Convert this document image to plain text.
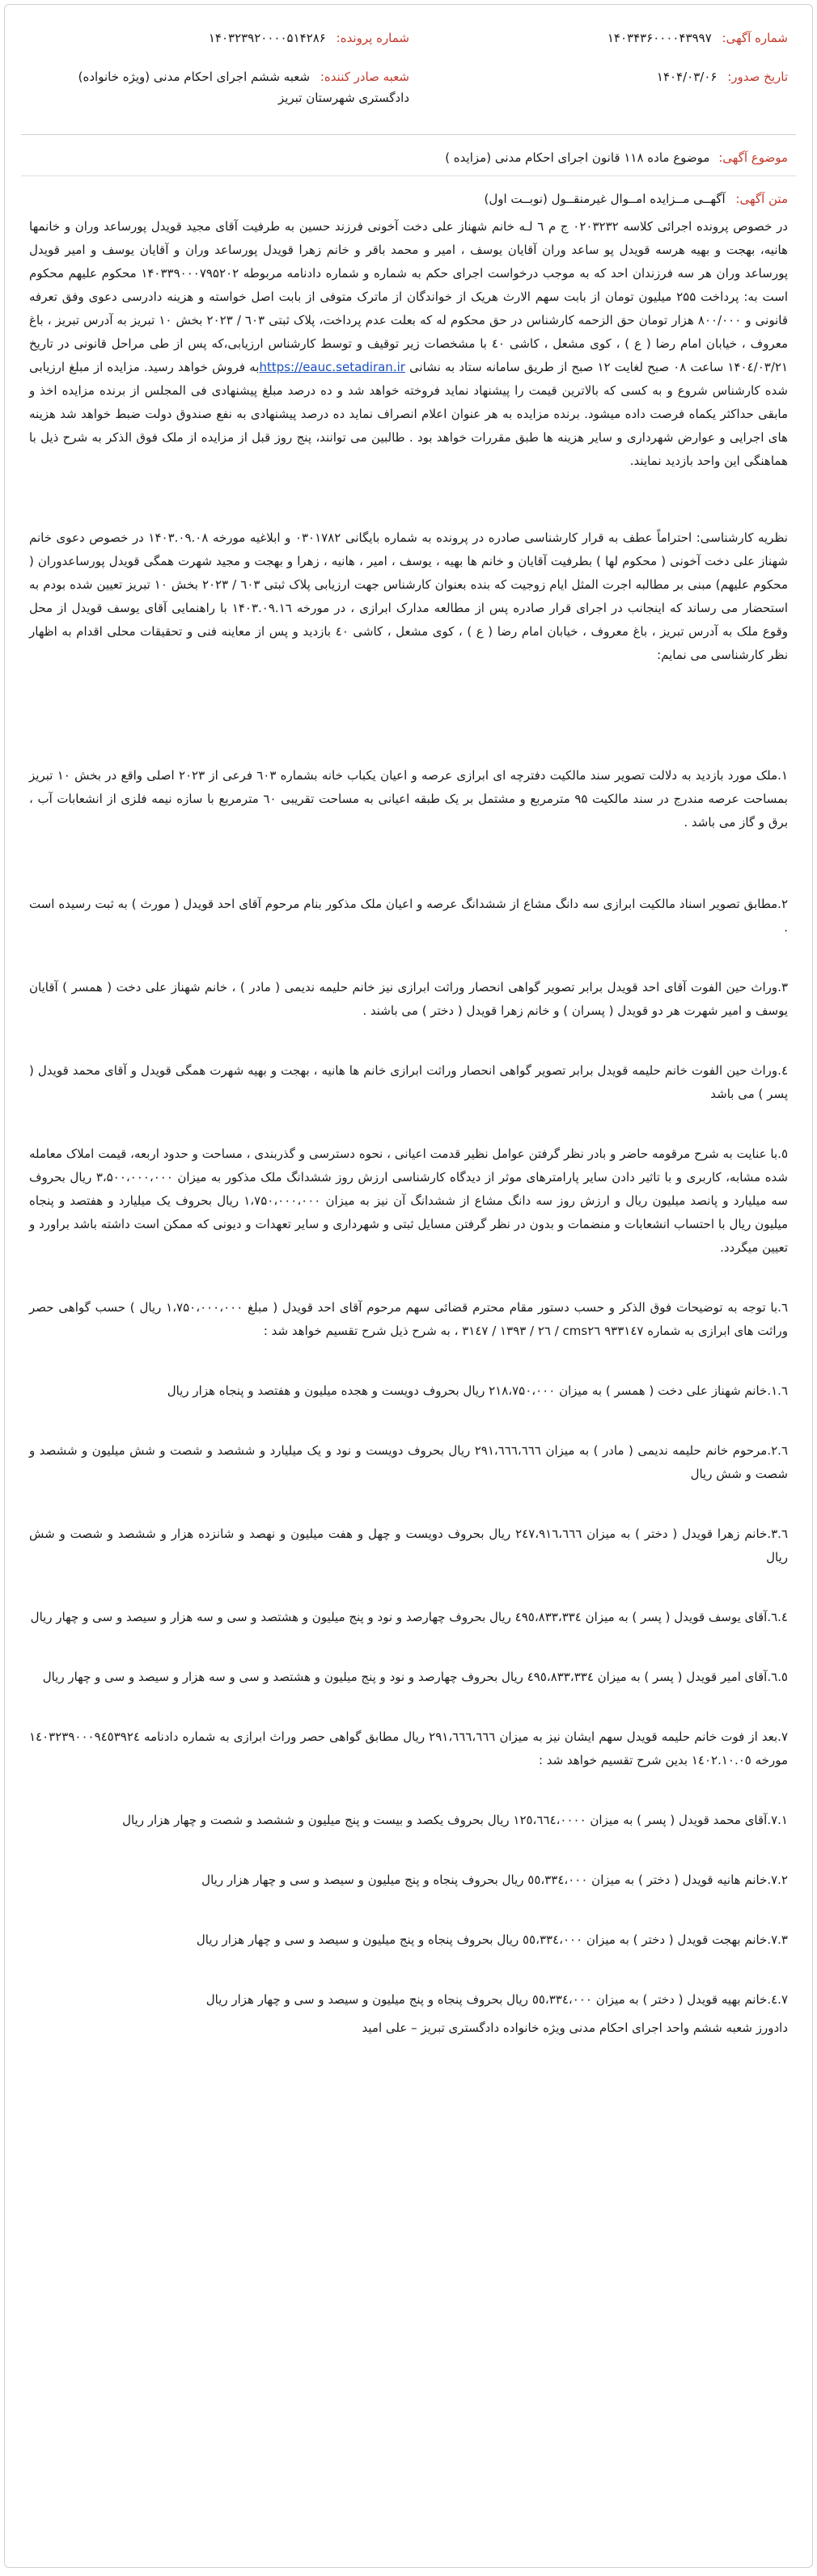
شماره آگهی: ۱۴۰۳۴۳۶۰۰۰۰۴۳۹۹۷
تاریخ صدور: ۱۴۰۴/۰۳/۰۶
شماره پرونده: ۱۴۰۳۲۳۹۲۰۰۰۰۵۱۴۲۸۶
شعبه صادر کننده: شعبه ششم اجرای احکام مدنی (ویژه خانواده) دادگستری شهرستان تبریز
موضوع آگهی: موضوع ماده ۱۱۸ قانون اجرای احکام مدنی (مزایده )
متن آگهی: آگهــی مــزایده امــوال غیرمنقــول (نوبــت اول)

در خصوص پرونده اجرائی کلاسه ۰۲۰۳۲۳۲ ج م ٦ لـه خانم شهناز علی دخت آخونی فرزند حسین به طرفیت آقای مجید قویدل پورساعد وران و خانمها هانیه، بهجت و بهیه هرسه قویدل پو ساعد وران آقایان یوسف ، امیر و محمد باقر و خانم زهرا قویدل پورساعد وران و آقایان یوسف و امیر قویدل پورساعد وران هر سه فرزندان احد که به موجب درخواست اجرای حکم به شماره و شماره دادنامه مربوطه ۱۴۰۳۳۹۰۰۰۷۹۵۲۰۲ محکوم علیهم محکوم است به: پرداخت ۲۵۵ میلیون تومان از بابت سهم الارث هریک از خواندگان از ماترک متوفی از بابت اصل خواسته و هزینه دادرسی دعوی وفق تعرفه قانونی و ۸۰۰/۰۰۰ هزار تومان حق الزحمه کارشناس در حق محکوم له که بعلت عدم پرداخت، پلاک ثبتی ٦۰۳ / ۲۰۲۳ بخش ۱۰ تبریز به آدرس تبریز ، باغ معروف ، خیابان امام رضا ( ع ) ، کوی مشعل ، کاشی ٤۰ با مشخصات زیر توقیف و توسط کارشناس ارزیابی،که پس از طی مراحل قانونی در تاریخ ۱۴۰٤/۰۳/۲۱ ساعت ۰۸ صبح لغایت ۱۲ صبح از طریق سامانه ستاد به نشانی https://eauc.setadiran.irبه فروش خواهد رسید. مزایده از مبلغ ارزیابی شده کارشناس شروع و به کسی که بالاترین قیمت را پیشنهاد نماید فروخته خواهد شد و ده درصد مبلغ پیشنهادی فی المجلس از برنده مزایده اخذ و مابقی حداکثر یکماه فرصت داده میشود. برنده مزایده به هر عنوان اعلام انصراف نماید ده درصد پیشنهادی به نفع صندوق دولت ضبط خواهد شد هزینه های اجرایی و عوارض شهرداری و سایر هزینه ها طبق مقررات خواهد بود . طالبین می توانند، پنج روز قبل از مزایده از ملک فوق الذکر به شرح ذیل با هماهنگی این واحد بازدید نمایند.

نظریه کارشناسی: احتراماً عطف به قرار کارشناسی صادره در پرونده به شماره بایگانی ۰۳۰۱۷۸۲ و ابلاغیه مورخه ۱۴۰۳.۰۹.۰۸ در خصوص دعوی خانم شهناز علی دخت آخونی ( محکوم لها ) بطرفیت آقایان و خانم ها بهیه ، یوسف ، امیر ، هانیه ، زهرا و بهجت و مجید شهرت همگی قویدل پورساعدوران ( محکوم علیهم) مبنی بر مطالبه اجرت المثل ایام زوجیت که بنده بعنوان کارشناس جهت ارزیابی پلاک ثبتی ٦۰۳ / ۲۰۲۳ بخش ۱۰ تبریز تعیین شده بودم به استحضار می رساند که اینجانب در اجرای قرار صادره پس از مطالعه مدارک ابرازی ، در مورخه ۱۴۰۳.۰۹.۱٦ با راهنمایی آقای یوسف قویدل از محل وقوع ملک به آدرس تبریز ، باغ معروف ، خیابان امام رضا ( ع ) ، کوی مشعل ، کاشی ٤۰ بازدید و پس از معاینه فنی و تحقیقات محلی اقدام به اظهار نظر کارشناسی می نمایم:

۱.ملک مورد بازدید به دلالت تصویر سند مالکیت دفترچه ای ابرازی عرصه و اعیان یکباب خانه بشماره ٦۰۳ فرعی از ۲۰۲۳ اصلی واقع در بخش ۱۰ تبریز بمساحت عرصه مندرج در سند مالکیت ۹۵ مترمربع و مشتمل بر یک طبقه اعیانی به مساحت تقریبی ٦۰ مترمربع با سازه نیمه فلزی از انشعابات آب ، برق و گاز می باشد .

۲.مطابق تصویر اسناد مالکیت ابرازی سه دانگ مشاع از ششدانگ عرصه و اعیان ملک مذکور بنام مرحوم آقای احد قویدل ( مورث ) به ثبت رسیده است .

۳.وراث حین الفوت آقای احد قویدل برابر تصویر گواهی انحصار وراثت ابرازی نیز خانم حلیمه ندیمی ( مادر ) ، خانم شهناز علی دخت ( همسر ) آقایان یوسف و امیر شهرت هر دو قویدل ( پسران ) و خانم زهرا قویدل ( دختر ) می باشند .

٤.وراث حین الفوت خانم حلیمه قویدل برابر تصویر گواهی انحصار وراثت ابرازی خانم ها هانیه ، بهجت و بهیه شهرت همگی قویدل و آقای محمد قویدل ( پسر ) می باشد

٥.با عنایت به شرح مرقومه حاضر و بادر نظر گرفتن عوامل نظیر قدمت اعیانی ، نحوه دسترسی و گذربندی ، مساحت و حدود اربعه، قیمت املاک معامله شده مشابه، کاربری و با تاثیر دادن سایر پارامترهای موثر از دیدگاه کارشناسی ارزش روز ششدانگ ملک مذکور به میزان ۳،۵۰۰،۰۰۰،۰۰۰ ریال بحروف سه میلیارد و پانصد میلیون ریال و ارزش روز سه دانگ مشاع از ششدانگ آن نیز به میزان ۱،۷۵۰،۰۰۰،۰۰۰ ریال بحروف یک میلیارد و هفتصد و پنجاه میلیون ریال با احتساب انشعابات و منضمات و بدون در نظر گرفتن مسایل ثبتی و شهرداری و سایر تعهدات و دیونی که ممکن است داشته باشد براورد و تعیین میگردد.

٦.با توجه به توضیحات فوق الذکر و حسب دستور مقام محترم قضائی سهم مرحوم آقای احد قویدل ( مبلغ ۱،۷۵۰،۰۰۰،۰۰۰ ریال ) حسب گواهی حصر وراثت های ابرازی به شماره ۹۳۳۱٤۷ cms٢٦ / ۳۱٤۷ / ۱۳۹۳ / ۲٦ ، به شرح ذیل شرح تقسیم خواهد شد :

٦.۱.خانم شهناز علی دخت ( همسر ) به میزان ۲۱۸،۷۵۰،۰۰۰ ریال بحروف دویست و هجده میلیون و هفتصد و پنجاه هزار ریال

٦.۲.مرحوم خانم حلیمه ندیمی ( مادر ) به میزان ۲۹۱،٦٦٦،٦٦٦ ریال بحروف دویست و نود و یک میلیارد و ششصد و شصت و شش میلیون و ششصد و شصت و شش ریال

٦.۳.خانم زهرا قویدل ( دختر ) به میزان ۲٤۷،۹۱٦،٦٦٦ ریال بحروف دویست و چهل و هفت میلیون و نهصد و شانزده هزار و ششصد و شصت و شش ریال

٦.٤.آقای یوسف قویدل ( پسر ) به میزان ٤۹٥،۸۳۳،۳۳٤ ریال بحروف چهارصد و نود و پنج میلیون و هشتصد و سی و سه هزار و سیصد و سی و چهار ریال

٦.٥.آقای امیر قویدل ( پسر ) به میزان ٤۹٥،۸۳۳،۳۳٤ ریال بحروف چهارصد و نود و پنج میلیون و هشتصد و سی و سه هزار و سیصد و سی و چهار ریال

۷.بعد از فوت خانم حلیمه قویدل سهم ایشان نیز به میزان ۲۹۱،٦٦٦،٦٦٦ ریال مطابق گواهی حصر وراث ابرازی به شماره دادنامه ۱٤۰۳۲۳۹۰۰۰۹٤٥۳۹۲٤ مورخه ۱٤۰۲.۱۰.۰٥ بدین شرح تقسیم خواهد شد :

۷.۱.آقای محمد قویدل ( پسر ) به میزان ۱۲٥،٦٦٤،۰۰۰۰ ریال بحروف یکصد و بیست و پنج میلیون و ششصد و شصت و چهار هزار ریال

۷.۲.خانم هانیه قویدل ( دختر ) به میزان ٥٥،۳۳٤،۰۰۰ ریال بحروف پنجاه و پنج میلیون و سیصد و سی و چهار هزار ریال

۷.۳.خانم بهجت قویدل ( دختر ) به میزان ٥٥،۳۳٤،۰۰۰ ریال بحروف پنجاه و پنج میلیون و سیصد و سی و چهار هزار ریال

۷.٤.خانم بهیه قویدل ( دختر ) به میزان ٥٥،۳۳٤،۰۰۰ ریال بحروف پنجاه و پنج میلیون و سیصد و سی و چهار هزار ریال

دادورز شعبه ششم واحد اجرای احکام مدنی ویژه خانواده دادگستری تبریز – علی امید
